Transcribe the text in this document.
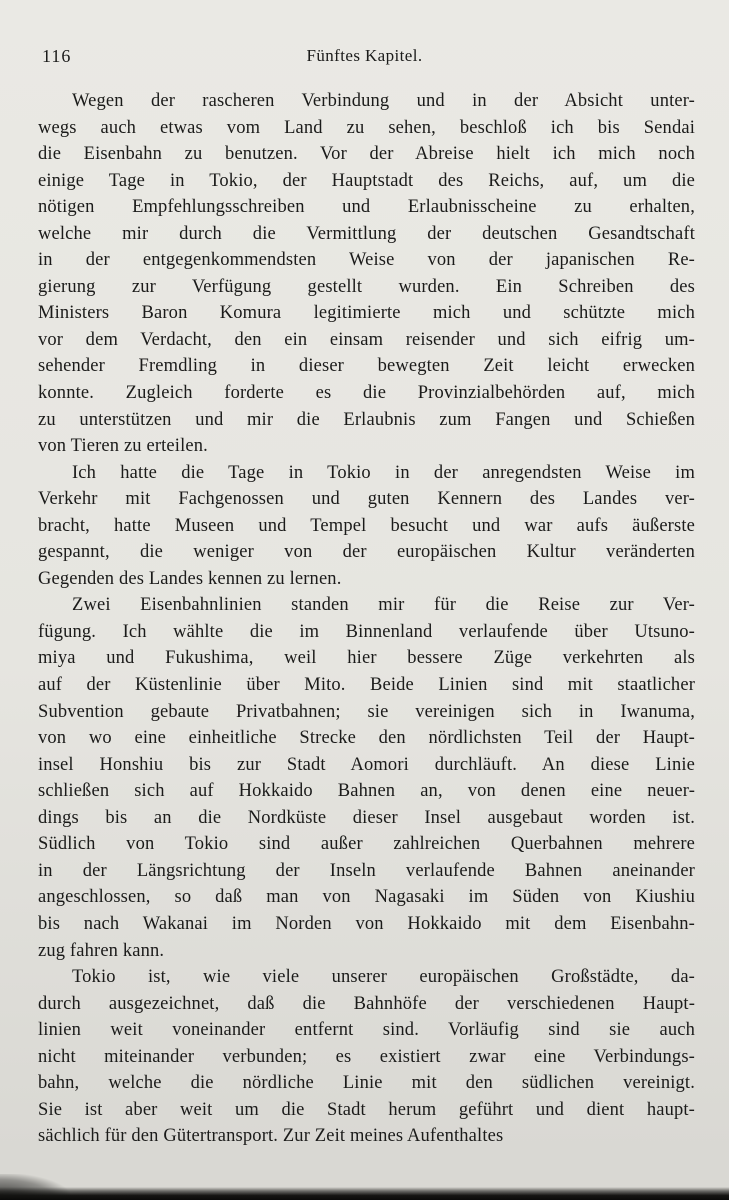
116	Fünftes Kapitel.
Wegen der rascheren Verbindung und in der Absicht unter-
wegs auch etwas vom Land zu sehen, beschloß ich bis Sendai
die Eisenbahn zu benutzen. Vor der Abreise hielt ich mich noch
einige Tage in Tokio, der Hauptstadt des Reichs, auf, um die
nötigen Empfehlungsschreiben und Erlaubnisscheine zu erhalten,
welche mir durch die Vermittlung der deutschen Gesandtschaft
in der entgegenkommendsten Weise von der japanischen Re-
gierung zur Verfügung gestellt wurden. Ein Schreiben des
Ministers Baron Komura legitimierte mich und schützte mich
vor dem Verdacht, den ein einsam reisender und sich eifrig um-
sehender Fremdling in dieser bewegten Zeit leicht erwecken
konnte. Zugleich forderte es die Provinzialbehörden auf, mich
zu unterstützen und mir die Erlaubnis zum Fangen und Schießen
von Tieren zu erteilen.
Ich hatte die Tage in Tokio in der anregendsten Weise im
Verkehr mit Fachgenossen und guten Kennern des Landes ver-
bracht, hatte Museen und Tempel besucht und war aufs äußerste
gespannt, die weniger von der europäischen Kultur veränderten
Gegenden des Landes kennen zu lernen.
Zwei Eisenbahnlinien standen mir für die Reise zur Ver-
fügung. Ich wählte die im Binnenland verlaufende über Utsuno-
miya und Fukushima, weil hier bessere Züge verkehrten als
auf der Küstenlinie über Mito. Beide Linien sind mit staatlicher
Subvention gebaute Privatbahnen; sie vereinigen sich in Iwanuma,
von wo eine einheitliche Strecke den nördlichsten Teil der Haupt-
insel Honshiu bis zur Stadt Aomori durchläuft. An diese Linie
schließen sich auf Hokkaido Bahnen an, von denen eine neuer-
dings bis an die Nordküste dieser Insel ausgebaut worden ist.
Südlich von Tokio sind außer zahlreichen Querbahnen mehrere
in der Längsrichtung der Inseln verlaufende Bahnen aneinander
angeschlossen, so daß man von Nagasaki im Süden von Kiushiu
bis nach Wakanai im Norden von Hokkaido mit dem Eisenbahn-
zug fahren kann.
Tokio ist, wie viele unserer europäischen Großstädte, da-
durch ausgezeichnet, daß die Bahnhöfe der verschiedenen Haupt-
linien weit voneinander entfernt sind. Vorläufig sind sie auch
nicht miteinander verbunden; es existiert zwar eine Verbindungs-
bahn, welche die nördliche Linie mit den südlichen vereinigt.
Sie ist aber weit um die Stadt herum geführt und dient haupt-
sächlich für den Gütertransport. Zur Zeit meines Aufenthaltes
